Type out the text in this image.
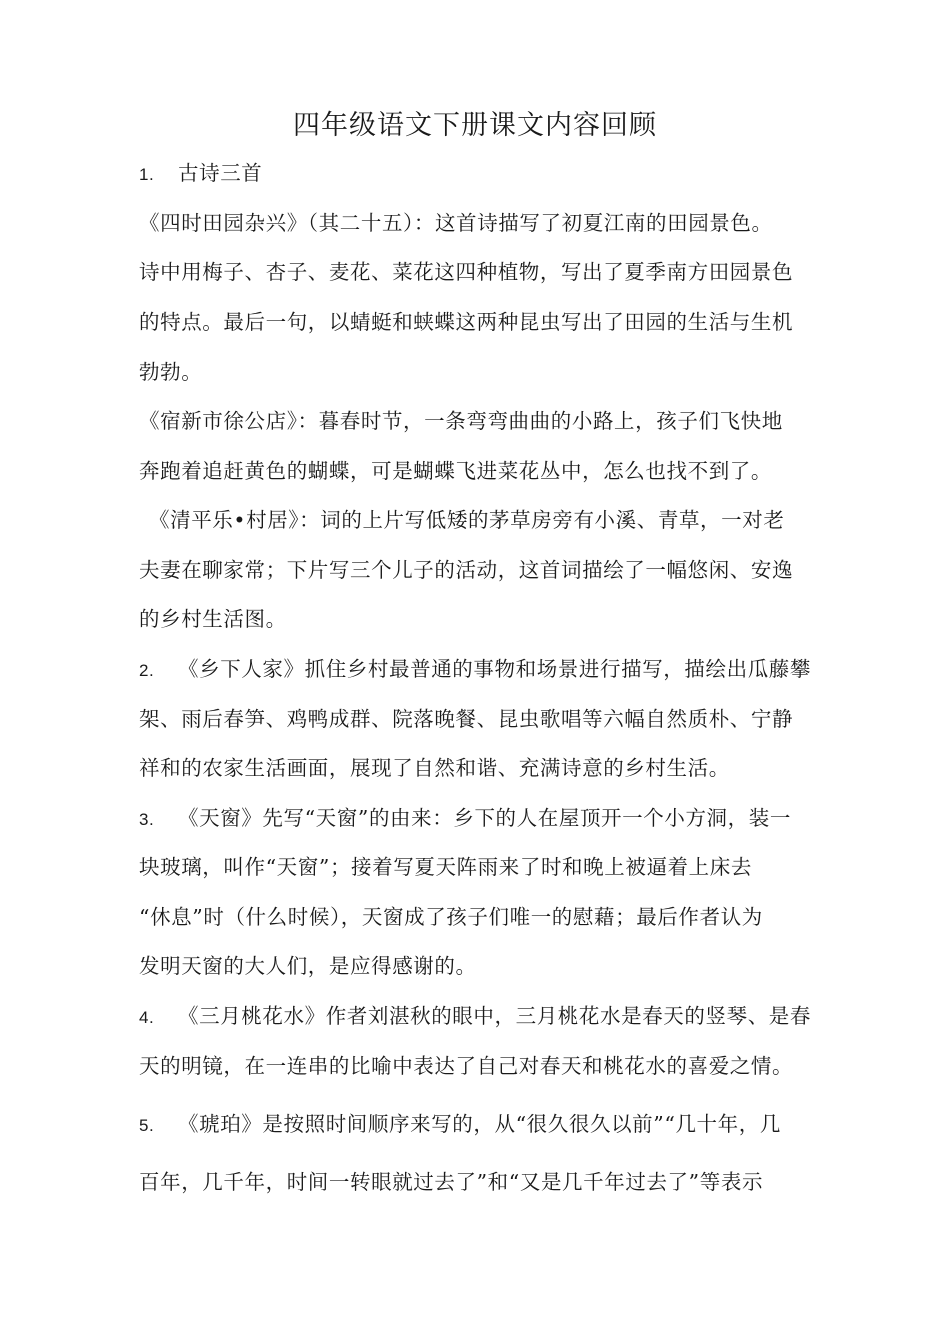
四年级语文下册课文内容回顾
1. 古诗三首
《四时田园杂兴》（其二十五）：这首诗描写了初夏江南的田园景色。
诗中用梅子、杏子、麦花、菜花这四种植物，写出了夏季南方田园景色
的特点。最后一句，以蜻蜓和蛱蝶这两种昆虫写出了田园的生活与生机
勃勃。
《宿新市徐公店》：暮春时节，一条弯弯曲曲的小路上，孩子们飞快地
奔跑着追赶黄色的蝴蝶，可是蝴蝶飞进菜花丛中，怎么也找不到了。
《清平乐•村居》：词的上片写低矮的茅草房旁有小溪、青草，一对老
夫妻在聊家常；下片写三个儿子的活动，这首词描绘了一幅悠闲、安逸
的乡村生活图。
2. 《乡下人家》抓住乡村最普通的事物和场景进行描写，描绘出瓜藤攀
架、雨后春笋、鸡鸭成群、院落晚餐、昆虫歌唱等六幅自然质朴、宁静
祥和的农家生活画面，展现了自然和谐、充满诗意的乡村生活。
3. 《天窗》先写“天窗”的由来：乡下的人在屋顶开一个小方洞，装一
块玻璃，叫作“天窗”；接着写夏天阵雨来了时和晚上被逼着上床去
“休息”时（什么时候），天窗成了孩子们唯一的慰藉；最后作者认为
发明天窗的大人们，是应得感谢的。
4. 《三月桃花水》作者刘湛秋的眼中，三月桃花水是春天的竖琴、是春
天的明镜，在一连串的比喻中表达了自己对春天和桃花水的喜爱之情。
5. 《琥珀》是按照时间顺序来写的，从“很久很久以前”“几十年，几
百年，几千年，时间一转眼就过去了”和“又是几千年过去了”等表示
